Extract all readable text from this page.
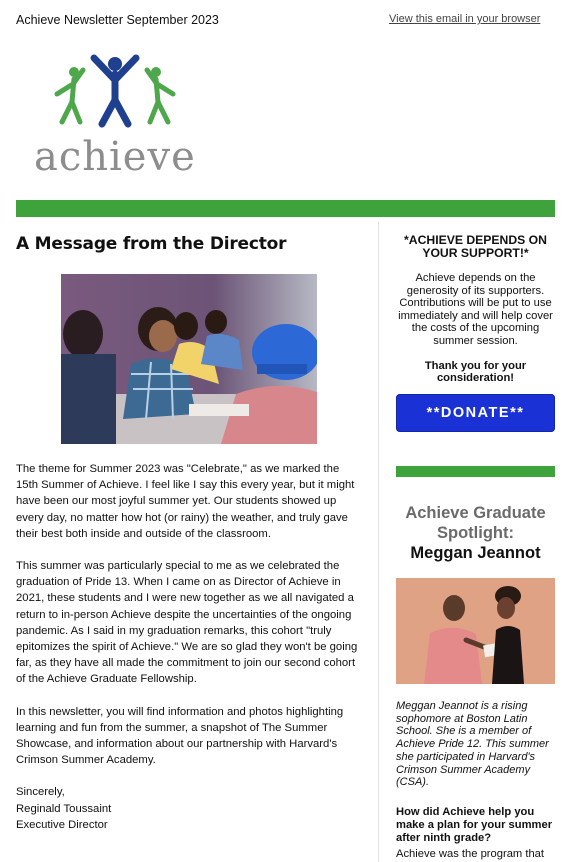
Achieve Newsletter September 2023	View this email in your browser
achieve
A Message from the Director

The theme for Summer 2023 was "Celebrate," as we marked the 15th Summer of Achieve. I feel like I say this every year, but it might have been our most joyful summer yet. Our students showed up every day, no matter how hot (or rainy) the weather, and truly gave their best both inside and outside of the classroom.

This summer was particularly special to me as we celebrated the graduation of Pride 13. When I came on as Director of Achieve in 2021, these students and I were new together as we all navigated a return to in-person Achieve despite the uncertainties of the ongoing pandemic. As I said in my graduation remarks, this cohort "truly epitomizes the spirit of Achieve." We are so glad they won't be going far, as they have all made the commitment to join our second cohort of the Achieve Graduate Fellowship.

In this newsletter, you will find information and photos highlighting learning and fun from the summer, a snapshot of The Summer Showcase, and information about our partnership with Harvard's Crimson Summer Academy.

Sincerely,
Reginald Toussaint
Executive Director

*ACHIEVE DEPENDS ON YOUR SUPPORT!*

Achieve depends on the generosity of its supporters. Contributions will be put to use immediately and will help cover the costs of the upcoming summer session.

Thank you for your consideration!

**DONATE**
Achieve Graduate Spotlight:
Meggan Jeannot
Meggan Jeannot is a rising sophomore at Boston Latin School. She is a member of Achieve Pride 12. This summer she participated in Harvard's Crimson Summer Academy (CSA).
How did Achieve help you make a plan for your summer after ninth grade?
Achieve was the program that
